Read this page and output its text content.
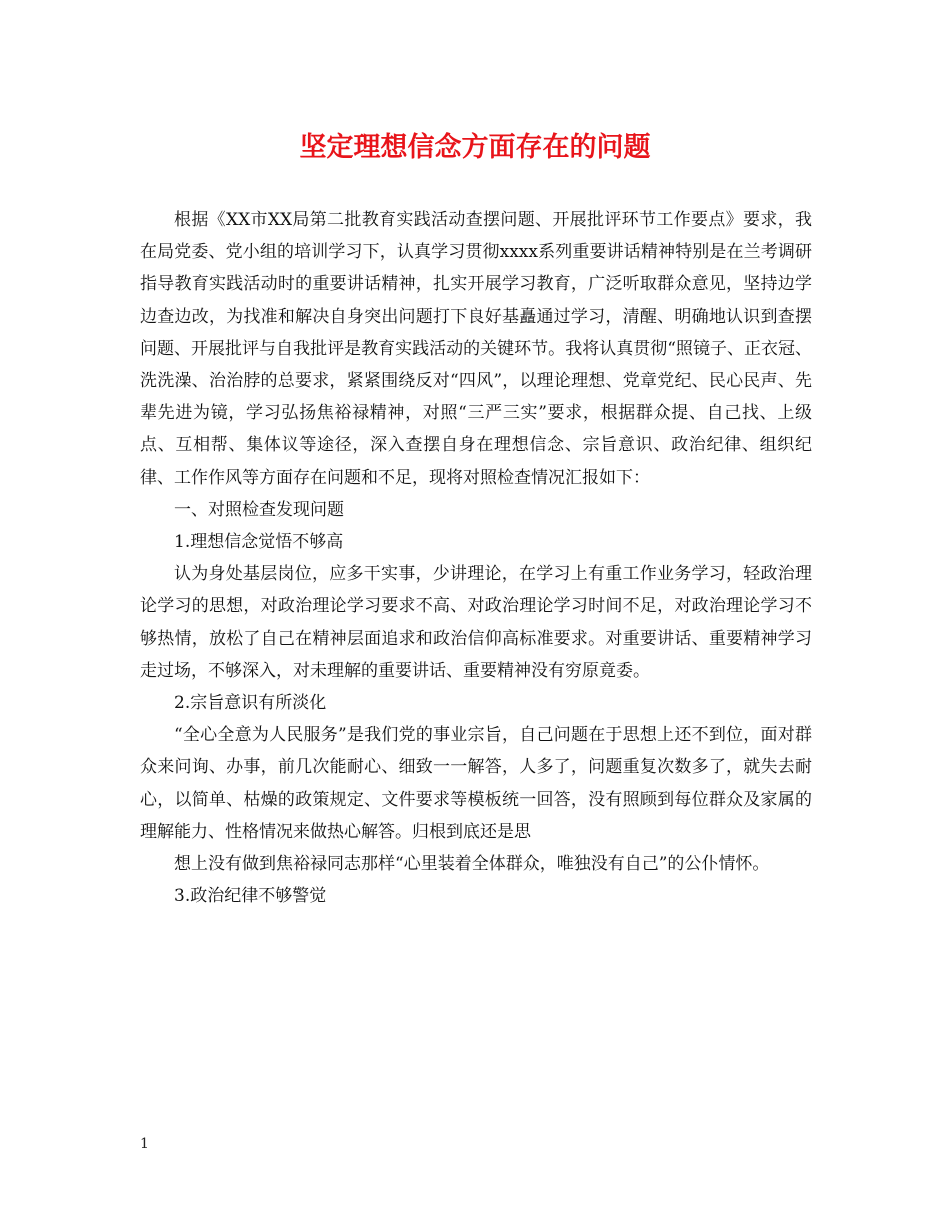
坚定理想信念方面存在的问题

根据《XX市XX局第二批教育实践活动查摆问题、开展批评环节工作要点》要求，我在局党委、党小组的培训学习下，认真学习贯彻xxxx系列重要讲话精神特别是在兰考调研指导教育实践活动时的重要讲话精神，扎实开展学习教育，广泛听取群众意见，坚持边学边查边改，为找准和解决自身突出问题打下良好基矗通过学习，清醒、明确地认识到查摆问题、开展批评与自我批评是教育实践活动的关键环节。我将认真贯彻“照镜子、正衣冠、洗洗澡、治治脖的总要求，紧紧围绕反对“四风”，以理论理想、党章党纪、民心民声、先辈先进为镜，学习弘扬焦裕禄精神，对照“三严三实”要求，根据群众提、自己找、上级点、互相帮、集体议等途径，深入查摆自身在理想信念、宗旨意识、政治纪律、组织纪律、工作作风等方面存在问题和不足，现将对照检查情况汇报如下：

一、对照检查发现问题

1.理想信念觉悟不够高

认为身处基层岗位，应多干实事，少讲理论，在学习上有重工作业务学习，轻政治理论学习的思想，对政治理论学习要求不高、对政治理论学习时间不足，对政治理论学习不够热情，放松了自己在精神层面追求和政治信仰高标准要求。对重要讲话、重要精神学习走过场，不够深入，对未理解的重要讲话、重要精神没有穷原竟委。

2.宗旨意识有所淡化

“全心全意为人民服务”是我们党的事业宗旨，自己问题在于思想上还不到位，面对群众来问询、办事，前几次能耐心、细致一一解答，人多了，问题重复次数多了，就失去耐心，以简单、枯燥的政策规定、文件要求等模板统一回答，没有照顾到每位群众及家属的理解能力、性格情况来做热心解答。归根到底还是思

想上没有做到焦裕禄同志那样“心里装着全体群众，唯独没有自己”的公仆情怀。

3.政治纪律不够警觉

1
